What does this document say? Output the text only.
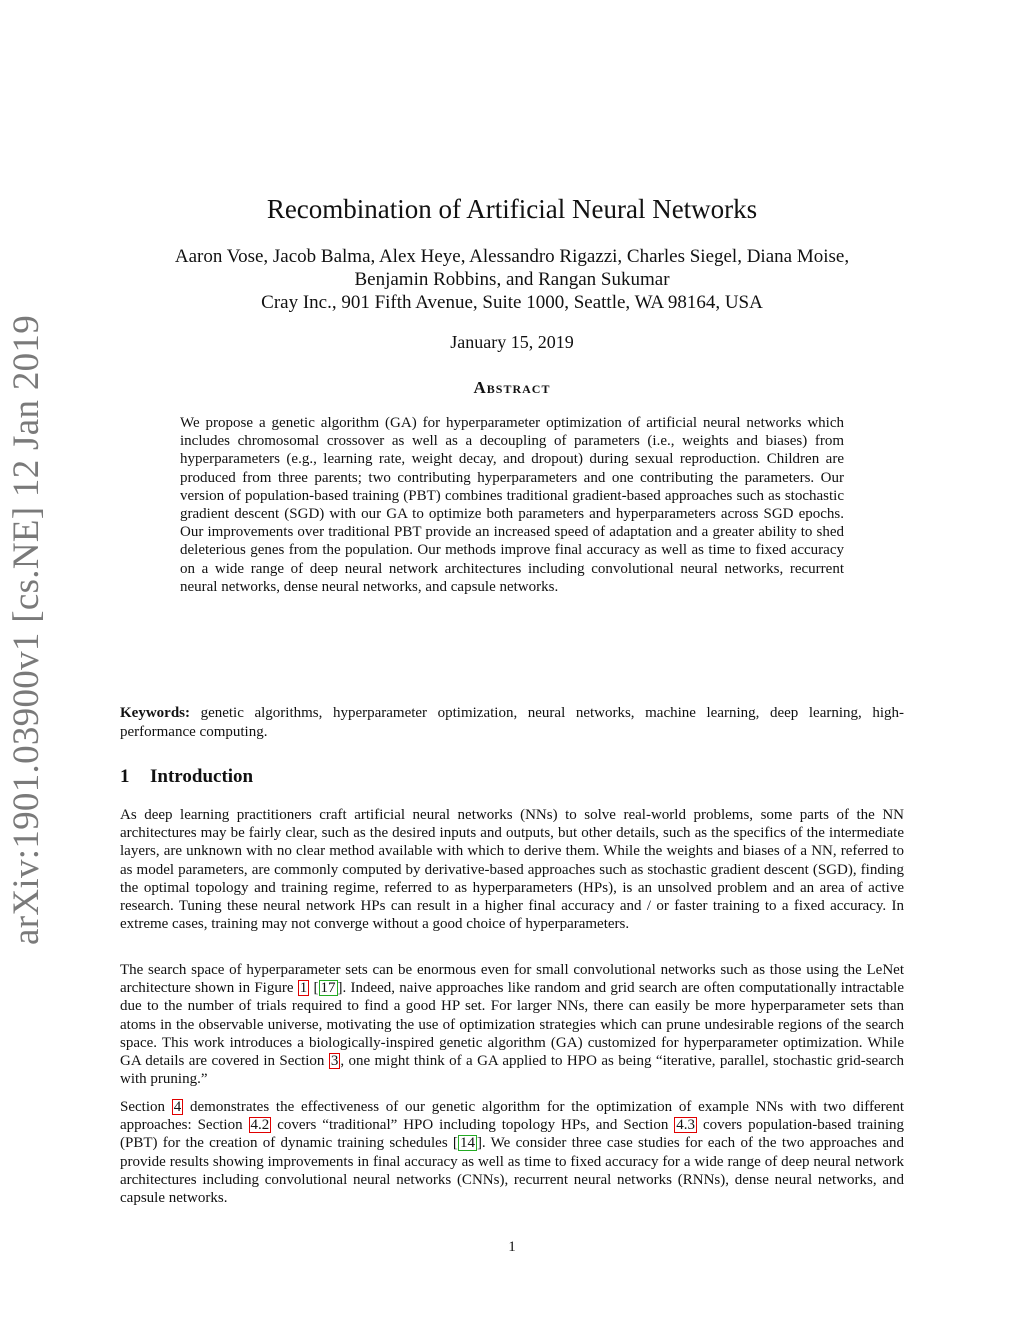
arXiv:1901.03900v1 [cs.NE] 12 Jan 2019
Recombination of Artificial Neural Networks
Aaron Vose, Jacob Balma, Alex Heye, Alessandro Rigazzi, Charles Siegel, Diana Moise,
Benjamin Robbins, and Rangan Sukumar
Cray Inc., 901 Fifth Avenue, Suite 1000, Seattle, WA 98164, USA
January 15, 2019
Abstract

We propose a genetic algorithm (GA) for hyperparameter optimization of artificial neural networks which includes chromosomal crossover as well as a decoupling of parameters (i.e., weights and biases) from hyperparameters (e.g., learning rate, weight decay, and dropout) during sexual reproduction. Children are produced from three parents; two contributing hyperparameters and one contributing the parameters. Our version of population-based training (PBT) combines traditional gradient-based approaches such as stochastic gradient descent (SGD) with our GA to optimize both parameters and hyperparameters across SGD epochs. Our improvements over traditional PBT provide an increased speed of adaptation and a greater ability to shed deleterious genes from the population. Our methods improve final accuracy as well as time to fixed accuracy on a wide range of deep neural network architectures including convolutional neural networks, recurrent neural networks, dense neural networks, and capsule networks.

Keywords: genetic algorithms, hyperparameter optimization, neural networks, machine learning, deep learning, high-performance computing.

1 Introduction

As deep learning practitioners craft artificial neural networks (NNs) to solve real-world problems, some parts of the NN architectures may be fairly clear, such as the desired inputs and outputs, but other details, such as the specifics of the intermediate layers, are unknown with no clear method available with which to derive them. While the weights and biases of a NN, referred to as model parameters, are commonly computed by derivative-based approaches such as stochastic gradient descent (SGD), finding the optimal topology and training regime, referred to as hyperparameters (HPs), is an unsolved problem and an area of active research. Tuning these neural network HPs can result in a higher final accuracy and / or faster training to a fixed accuracy. In extreme cases, training may not converge without a good choice of hyperparameters.

The search space of hyperparameter sets can be enormous even for small convolutional networks such as those using the LeNet architecture shown in Figure 1 [ 17 ]. Indeed, naive approaches like random and grid search are often computationally intractable due to the number of trials required to find a good HP set. For larger NNs, there can easily be more hyperparameter sets than atoms in the observable universe, motivating the use of optimization strategies which can prune undesirable regions of the search space. This work introduces a biologically-inspired genetic algorithm (GA) customized for hyperparameter optimization. While GA details are covered in Section 3 , one might think of a GA applied to HPO as being “iterative, parallel, stochastic grid-search with pruning.”

Section 4 demonstrates the effectiveness of our genetic algorithm for the optimization of example NNs with two different approaches: Section 4.2 covers “traditional” HPO including topology HPs, and Section 4.3 covers population-based training (PBT) for the creation of dynamic training schedules [ 14 ]. We consider three case studies for each of the two approaches and provide results showing improvements in final accuracy as well as time to fixed accuracy for a wide range of deep neural network architectures including convolutional neural networks (CNNs), recurrent neural networks (RNNs), dense neural networks, and capsule networks.

1
